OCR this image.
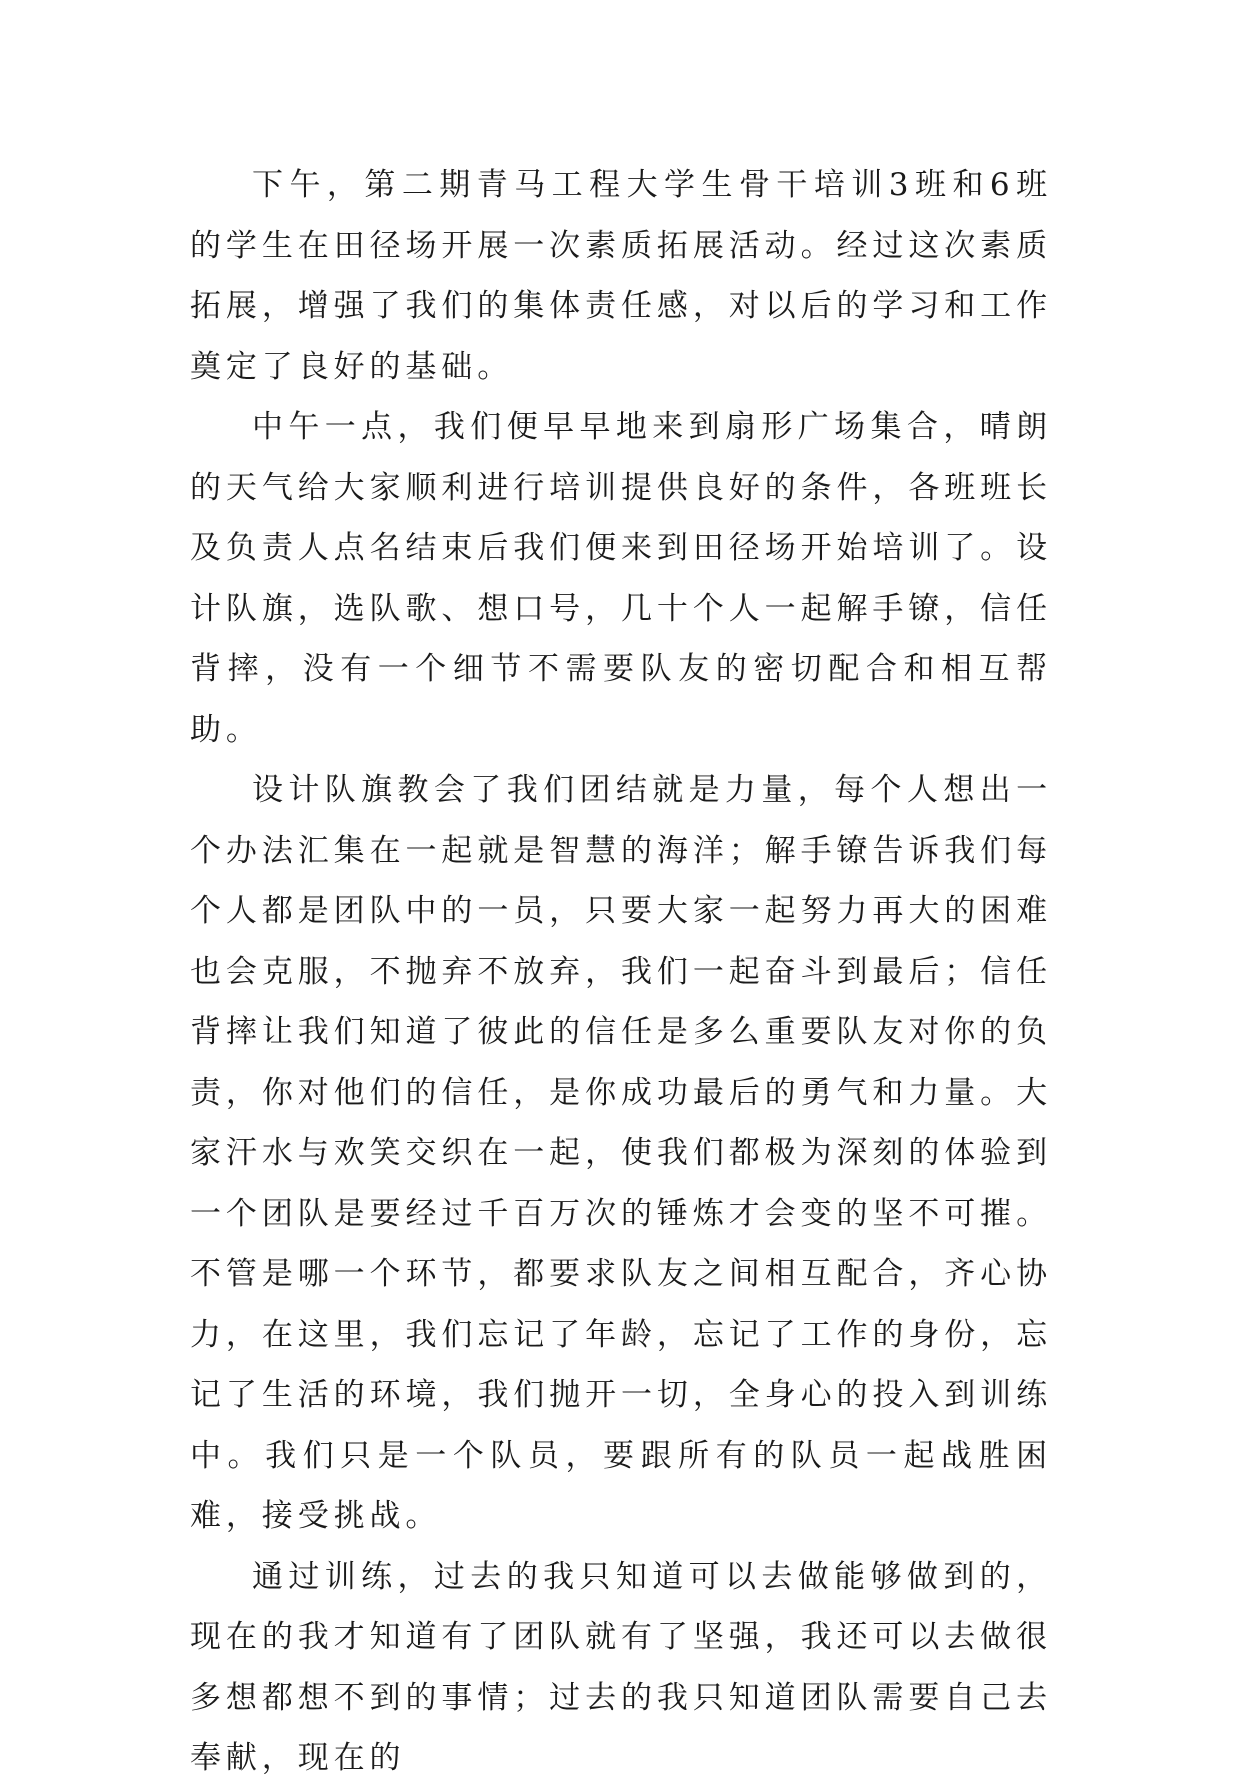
下午，第二期青马工程大学生骨干培训3班和6班的学生在田径场开展一次素质拓展活动。经过这次素质拓展，增强了我们的集体责任感，对以后的学习和工作奠定了良好的基础。

中午一点，我们便早早地来到扇形广场集合，晴朗的天气给大家顺利进行培训提供良好的条件，各班班长及负责人点名结束后我们便来到田径场开始培训了。设计队旗，选队歌、想口号，几十个人一起解手镣，信任背摔，没有一个细节不需要队友的密切配合和相互帮助。

设计队旗教会了我们团结就是力量，每个人想出一个办法汇集在一起就是智慧的海洋；解手镣告诉我们每个人都是团队中的一员，只要大家一起努力再大的困难也会克服，不抛弃不放弃，我们一起奋斗到最后；信任背摔让我们知道了彼此的信任是多么重要队友对你的负责，你对他们的信任，是你成功最后的勇气和力量。大家汗水与欢笑交织在一起，使我们都极为深刻的体验到一个团队是要经过千百万次的锤炼才会变的坚不可摧。不管是哪一个环节，都要求队友之间相互配合，齐心协力，在这里，我们忘记了年龄，忘记了工作的身份，忘记了生活的环境，我们抛开一切，全身心的投入到训练中。我们只是一个队员，要跟所有的队员一起战胜困难，接受挑战。

通过训练，过去的我只知道可以去做能够做到的，现在的我才知道有了团队就有了坚强，我还可以去做很多想都想不到的事情；过去的我只知道团队需要自己去奉献，现在的
